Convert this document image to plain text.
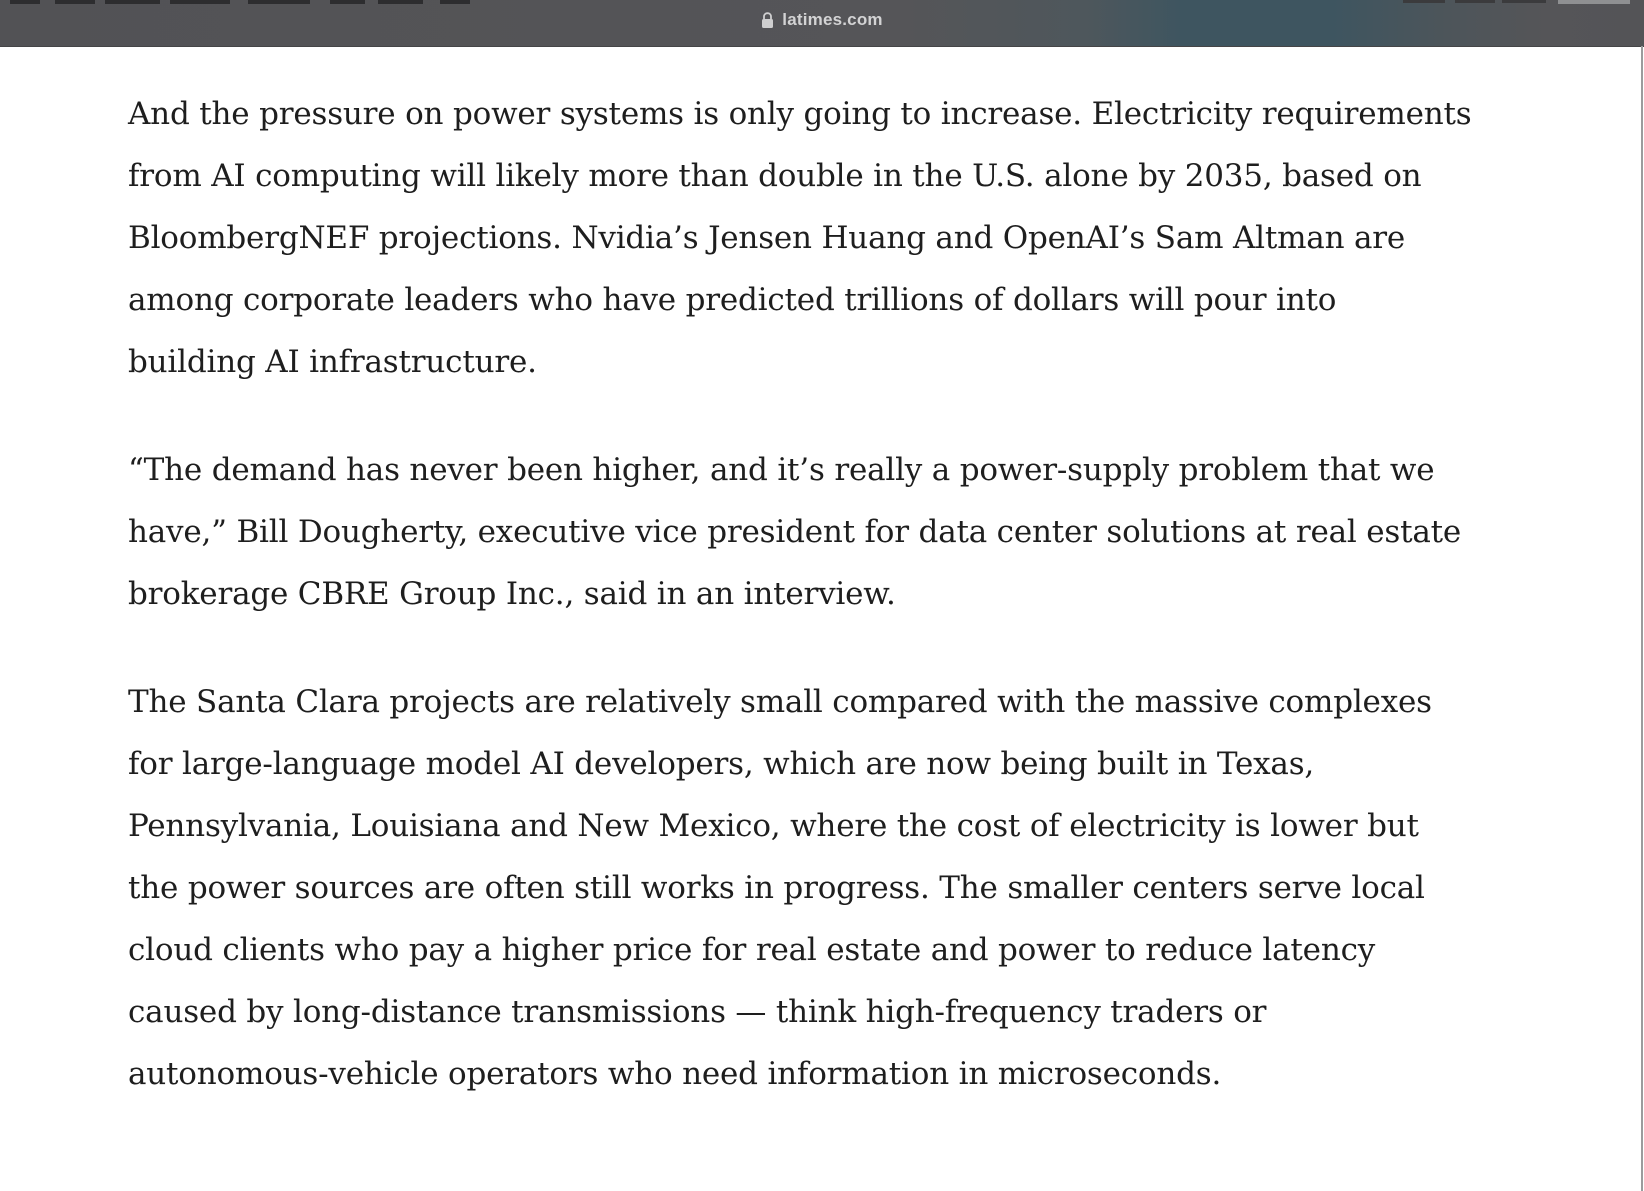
latimes.com

And the pressure on power systems is only going to increase. Electricity requirements
from AI computing will likely more than double in the U.S. alone by 2035, based on
BloombergNEF projections. Nvidia’s Jensen Huang and OpenAI’s Sam Altman are
among corporate leaders who have predicted trillions of dollars will pour into
building AI infrastructure.

“The demand has never been higher, and it’s really a power-supply problem that we
have,” Bill Dougherty, executive vice president for data center solutions at real estate
brokerage CBRE Group Inc., said in an interview.

The Santa Clara projects are relatively small compared with the massive complexes
for large-language model AI developers, which are now being built in Texas,
Pennsylvania, Louisiana and New Mexico, where the cost of electricity is lower but
the power sources are often still works in progress. The smaller centers serve local
cloud clients who pay a higher price for real estate and power to reduce latency
caused by long-distance transmissions — think high-frequency traders or
autonomous-vehicle operators who need information in microseconds.
